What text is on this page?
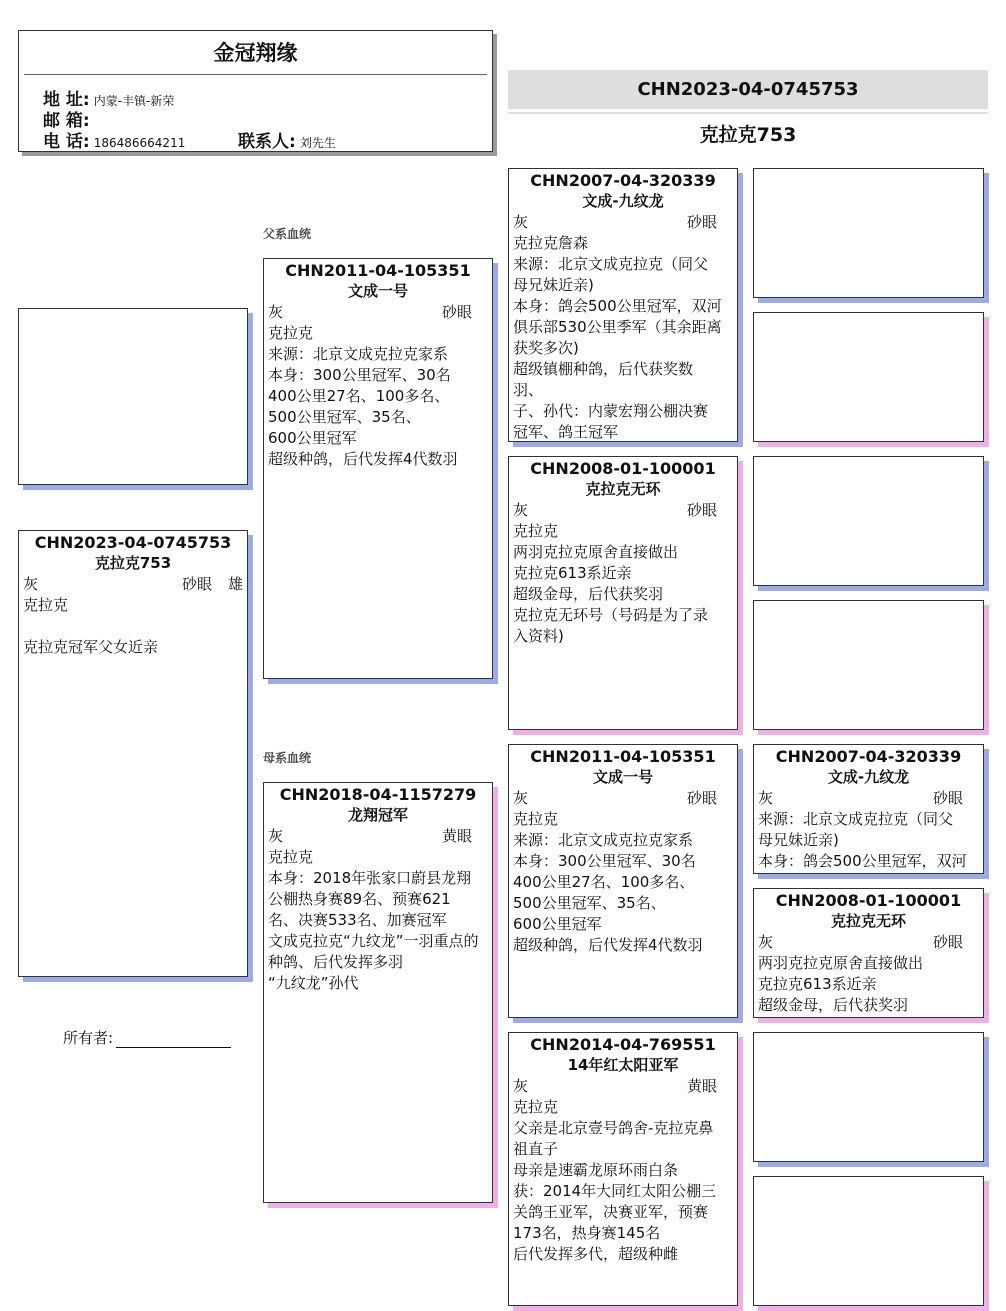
金冠翔缘
地 址: 内蒙-丰镇-新荣
邮 箱:
电 话: 186486664211	联系人: 刘先生
CHN2023-04-0745753
克拉克753
CHN2023-04-0745753
克拉克753
灰	砂眼 雄
克拉克
克拉克冠军父女近亲
所有者:
父系血统
CHN2011-04-105351
文成一号
灰	砂眼
克拉克
来源：北京文成克拉克家系
本身：300公里冠军、30名
400公里27名、100多名、
500公里冠军、35名、
600公里冠军
超级种鸽，后代发挥4代数羽
母系血统
CHN2018-04-1157279
龙翔冠军
灰	黄眼
克拉克
本身：2018年张家口蔚县龙翔
公棚热身赛89名、预赛621
名、决赛533名、加赛冠军
文成克拉克“九纹龙”一羽重点的
种鸽、后代发挥多羽
“九纹龙”孙代
CHN2007-04-320339
文成-九纹龙
灰	砂眼
克拉克詹森
来源：北京文成克拉克（同父
母兄妹近亲)
本身：鸽会500公里冠军，双河
俱乐部530公里季军（其余距离
获奖多次)
超级镇棚种鸽，后代获奖数
羽、
子、孙代：内蒙宏翔公棚决赛
冠军、鸽王冠军
CHN2008-01-100001
克拉克无环
灰	砂眼
克拉克
两羽克拉克原舍直接做出
克拉克613系近亲
超级金母，后代获奖羽
克拉克无环号（号码是为了录
入资料)
CHN2011-04-105351
文成一号
灰	砂眼
克拉克
来源：北京文成克拉克家系
本身：300公里冠军、30名
400公里27名、100多名、
500公里冠军、35名、
600公里冠军
超级种鸽，后代发挥4代数羽
CHN2014-04-769551
14年红太阳亚军
灰	黄眼
克拉克
父亲是北京壹号鸽舍-克拉克鼻
祖直子
母亲是速霸龙原环雨白条
获：2014年大同红太阳公棚三
关鸽王亚军，决赛亚军，预赛
173名，热身赛145名
后代发挥多代，超级种雌
CHN2007-04-320339
文成-九纹龙
灰	砂眼
来源：北京文成克拉克（同父
母兄妹近亲)
本身：鸽会500公里冠军，双河
CHN2008-01-100001
克拉克无环
灰	砂眼
两羽克拉克原舍直接做出
克拉克613系近亲
超级金母，后代获奖羽
